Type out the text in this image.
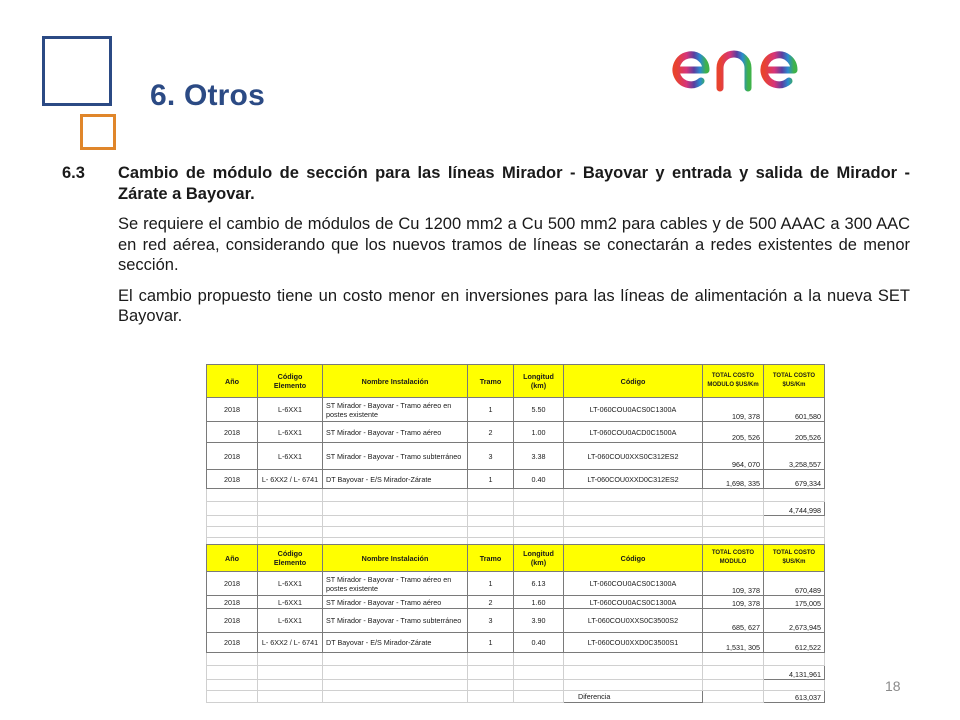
6. Otros
6.3	Cambio de módulo de sección para las líneas Mirador - Bayovar y entrada y salida de Mirador - Zárate a Bayovar.
Se requiere el cambio de módulos de Cu 1200 mm2 a Cu 500 mm2 para cables y de 500 AAAC a 300 AAC en red aérea, considerando que los nuevos tramos de líneas se conectarán a redes existentes de menor sección.
El cambio propuesto tiene un costo menor en inversiones para las líneas de alimentación a la nueva SET Bayovar.
Año	Código Elemento	Nombre Instalación	Tramo	Longitud (km)	Código	TOTAL COSTO MODULO $US/Km	TOTAL COSTO $US/Km
2018	L-6XX1	ST Mirador - Bayovar - Tramo aéreo en postes existente	1	5.50	LT-060COU0ACS0C1300A	109, 378	601,580
2018	L-6XX1	ST Mirador - Bayovar - Tramo aéreo	2	1.00	LT-060COU0ACD0C1500A	205, 526	205,526
2018	L-6XX1	ST Mirador - Bayovar - Tramo subterráneo	3	3.38	LT-060COU0XXS0C312ES2	964, 070	3,258,557
2018	L- 6XX2 / L- 6741	DT Bayovar - E/S Mirador-Zárate	1	0.40	LT-060COU0XXD0C312ES2	1,698, 335	679,334

							4,744,998

Año	Código Elemento	Nombre Instalación	Tramo	Longitud (km)	Código	TOTAL COSTO MODULO	TOTAL COSTO $US/Km
2018	L-6XX1	ST Mirador - Bayovar - Tramo aéreo en postes existente	1	6.13	LT-060COU0ACS0C1300A	109, 378	670,489
2018	L-6XX1	ST Mirador - Bayovar - Tramo aéreo	2	1.60	LT-060COU0ACS0C1300A	109, 378	175,005
2018	L-6XX1	ST Mirador - Bayovar - Tramo subterráneo	3	3.90	LT-060COU0XXS0C3500S2	685, 627	2,673,945
2018	L- 6XX2 / L- 6741	DT Bayovar - E/S Mirador-Zárate	1	0.40	LT-060COU0XXD0C3500S1	1,531, 305	612,522

							4,131,961

					Diferencia		613,037
18
